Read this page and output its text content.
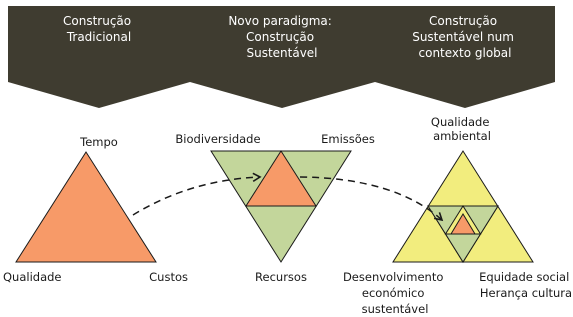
Construção Tradicional
Novo paradigma: Construção Sustentável
Construção Sustentável num contexto global
Tempo
Qualidade	Custos
Biodiversidade	Emissões
Recursos
Qualidade ambiental
Desenvolvimento económico sustentável
Equidade social Herança cultura
